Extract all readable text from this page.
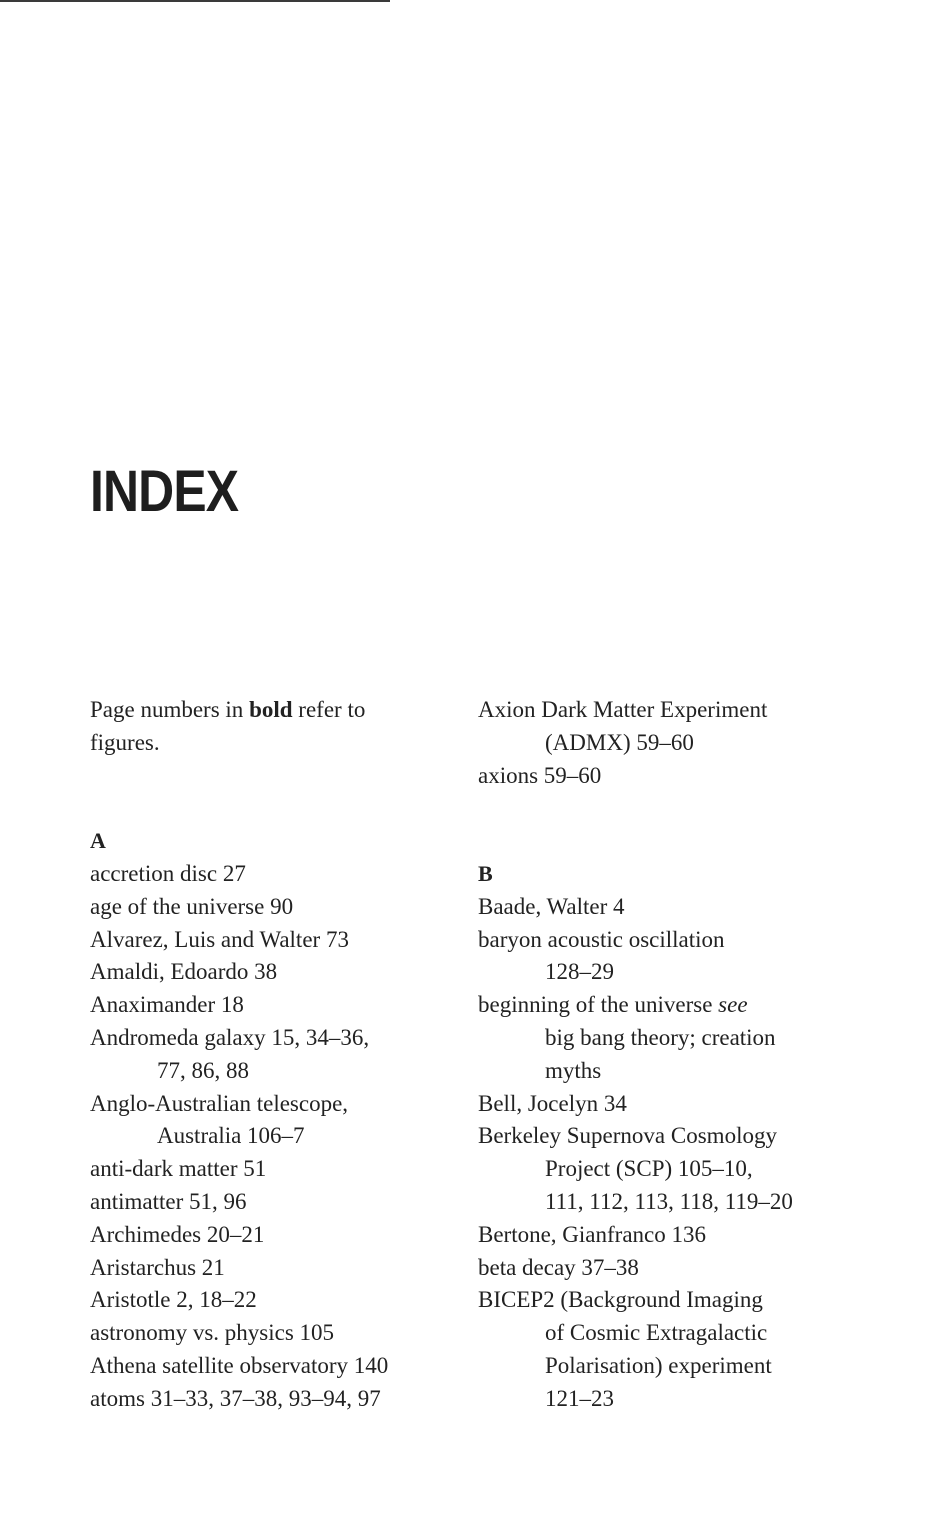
INDEX
Page numbers in bold refer to
figures.
A
accretion disc 27
age of the universe 90
Alvarez, Luis and Walter 73
Amaldi, Edoardo 38
Anaximander 18
Andromeda galaxy 15, 34–36,
77, 86, 88
Anglo-Australian telescope,
Australia 106–7
anti-dark matter 51
antimatter 51, 96
Archimedes 20–21
Aristarchus 21
Aristotle 2, 18–22
astronomy vs. physics 105
Athena satellite observatory 140
atoms 31–33, 37–38, 93–94, 97
Axion Dark Matter Experiment
(ADMX) 59–60
axions 59–60
B
Baade, Walter 4
baryon acoustic oscillation
128–29
beginning of the universe see
big bang theory; creation
myths
Bell, Jocelyn 34
Berkeley Supernova Cosmology
Project (SCP) 105–10,
111, 112, 113, 118, 119–20
Bertone, Gianfranco 136
beta decay 37–38
BICEP2 (Background Imaging
of Cosmic Extragalactic
Polarisation) experiment
121–23
